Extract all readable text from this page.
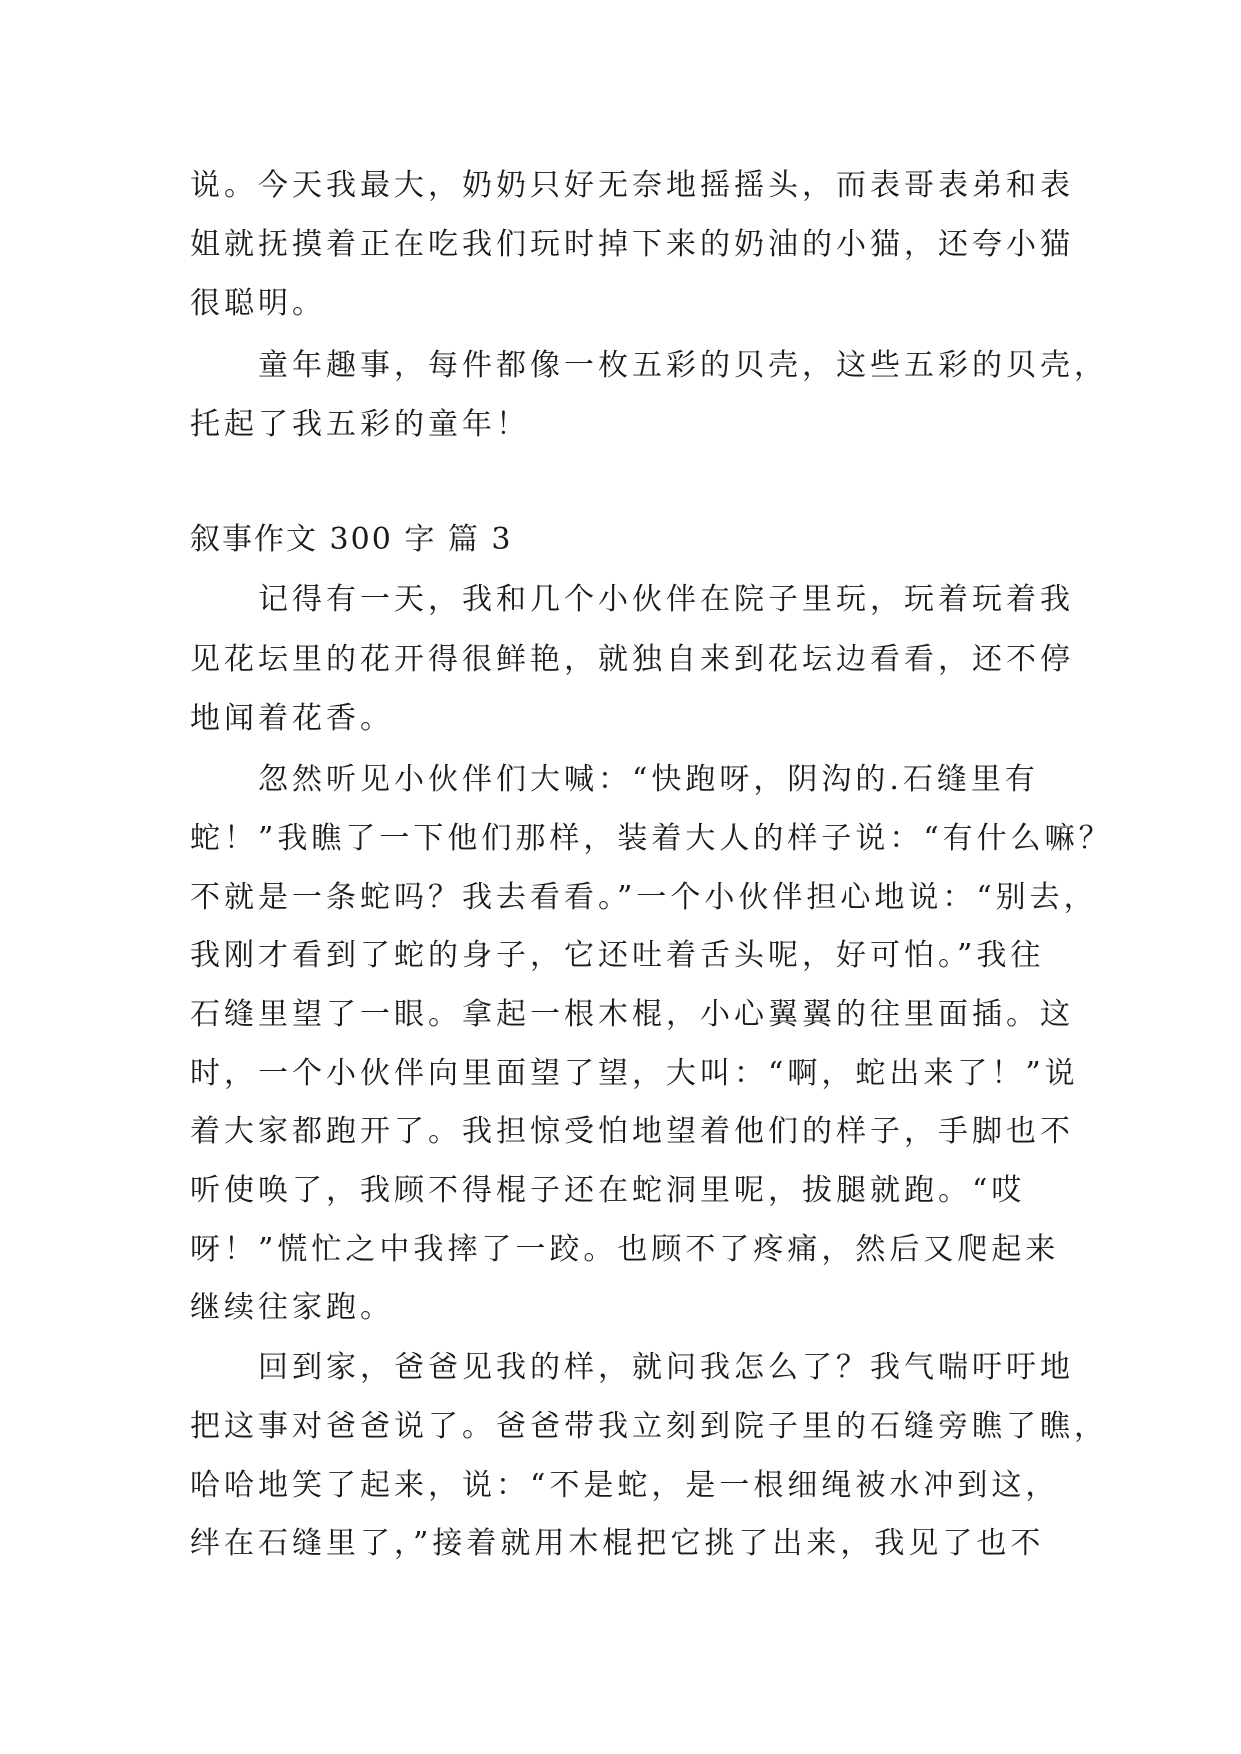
说。今天我最大，奶奶只好无奈地摇摇头，而表哥表弟和表
姐就抚摸着正在吃我们玩时掉下来的奶油的小猫，还夸小猫
很聪明。
　　童年趣事，每件都像一枚五彩的贝壳，这些五彩的贝壳，
托起了我五彩的童年！
叙事作文 300 字 篇 3
　　记得有一天，我和几个小伙伴在院子里玩，玩着玩着我
见花坛里的花开得很鲜艳，就独自来到花坛边看看，还不停
地闻着花香。
　　忽然听见小伙伴们大喊：“快跑呀，阴沟的.石缝里有
蛇！”我瞧了一下他们那样，装着大人的样子说：“有什么嘛？
不就是一条蛇吗？我去看看。”一个小伙伴担心地说：“别去，
我刚才看到了蛇的身子，它还吐着舌头呢，好可怕。”我往
石缝里望了一眼。拿起一根木棍，小心翼翼的往里面插。这
时，一个小伙伴向里面望了望，大叫：“啊，蛇出来了！”说
着大家都跑开了。我担惊受怕地望着他们的样子，手脚也不
听使唤了，我顾不得棍子还在蛇洞里呢，拔腿就跑。“哎
呀！”慌忙之中我摔了一跤。也顾不了疼痛，然后又爬起来
继续往家跑。
　　回到家，爸爸见我的样，就问我怎么了？我气喘吁吁地
把这事对爸爸说了。爸爸带我立刻到院子里的石缝旁瞧了瞧，
哈哈地笑了起来，说：“不是蛇，是一根细绳被水冲到这，
绊在石缝里了，”接着就用木棍把它挑了出来，我见了也不
